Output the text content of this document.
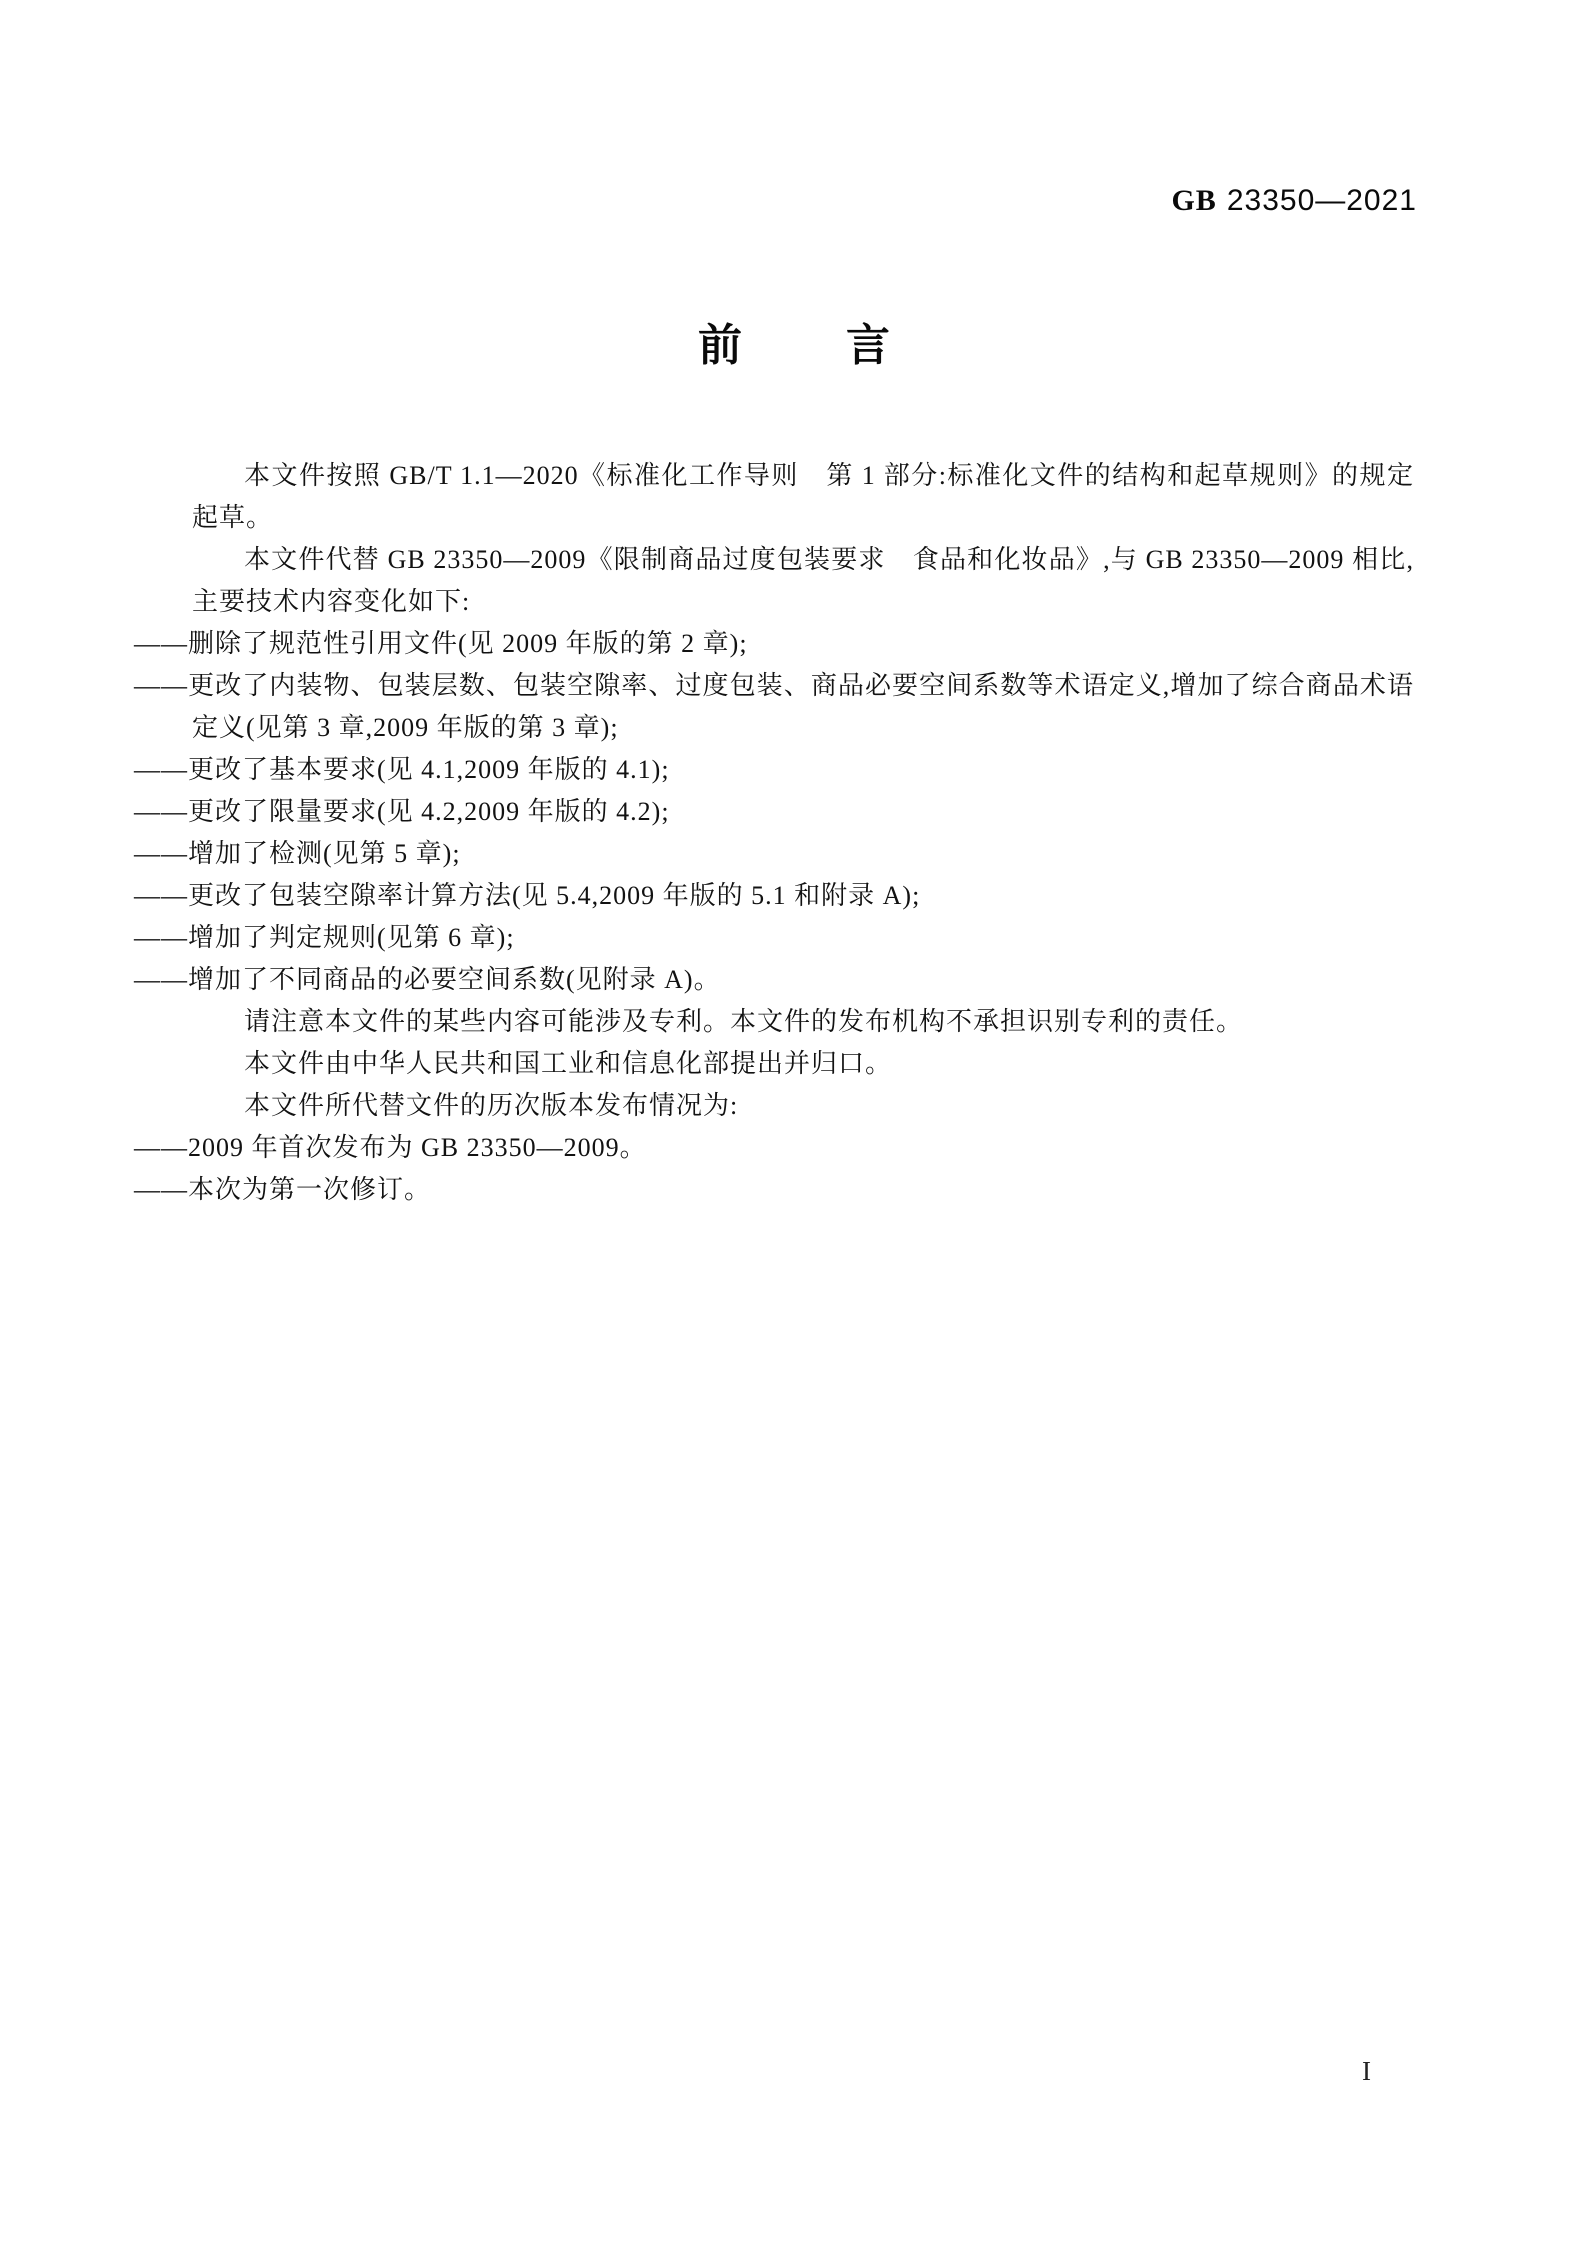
GB 23350—2021
前 言

本文件按照 GB/T 1.1—2020《标准化工作导则　第 1 部分:标准化文件的结构和起草规则》的规定起草。

本文件代替 GB 23350—2009《限制商品过度包装要求　食品和化妆品》,与 GB 23350—2009 相比,主要技术内容变化如下:

——删除了规范性引用文件(见 2009 年版的第 2 章);

——更改了内装物、包装层数、包装空隙率、过度包装、商品必要空间系数等术语定义,增加了综合商品术语定义(见第 3 章,2009 年版的第 3 章);

——更改了基本要求(见 4.1,2009 年版的 4.1);

——更改了限量要求(见 4.2,2009 年版的 4.2);

——增加了检测(见第 5 章);

——更改了包装空隙率计算方法(见 5.4,2009 年版的 5.1 和附录 A);

——增加了判定规则(见第 6 章);

——增加了不同商品的必要空间系数(见附录 A)。

请注意本文件的某些内容可能涉及专利。本文件的发布机构不承担识别专利的责任。

本文件由中华人民共和国工业和信息化部提出并归口。

本文件所代替文件的历次版本发布情况为:

——2009 年首次发布为 GB 23350—2009。

——本次为第一次修订。

I
